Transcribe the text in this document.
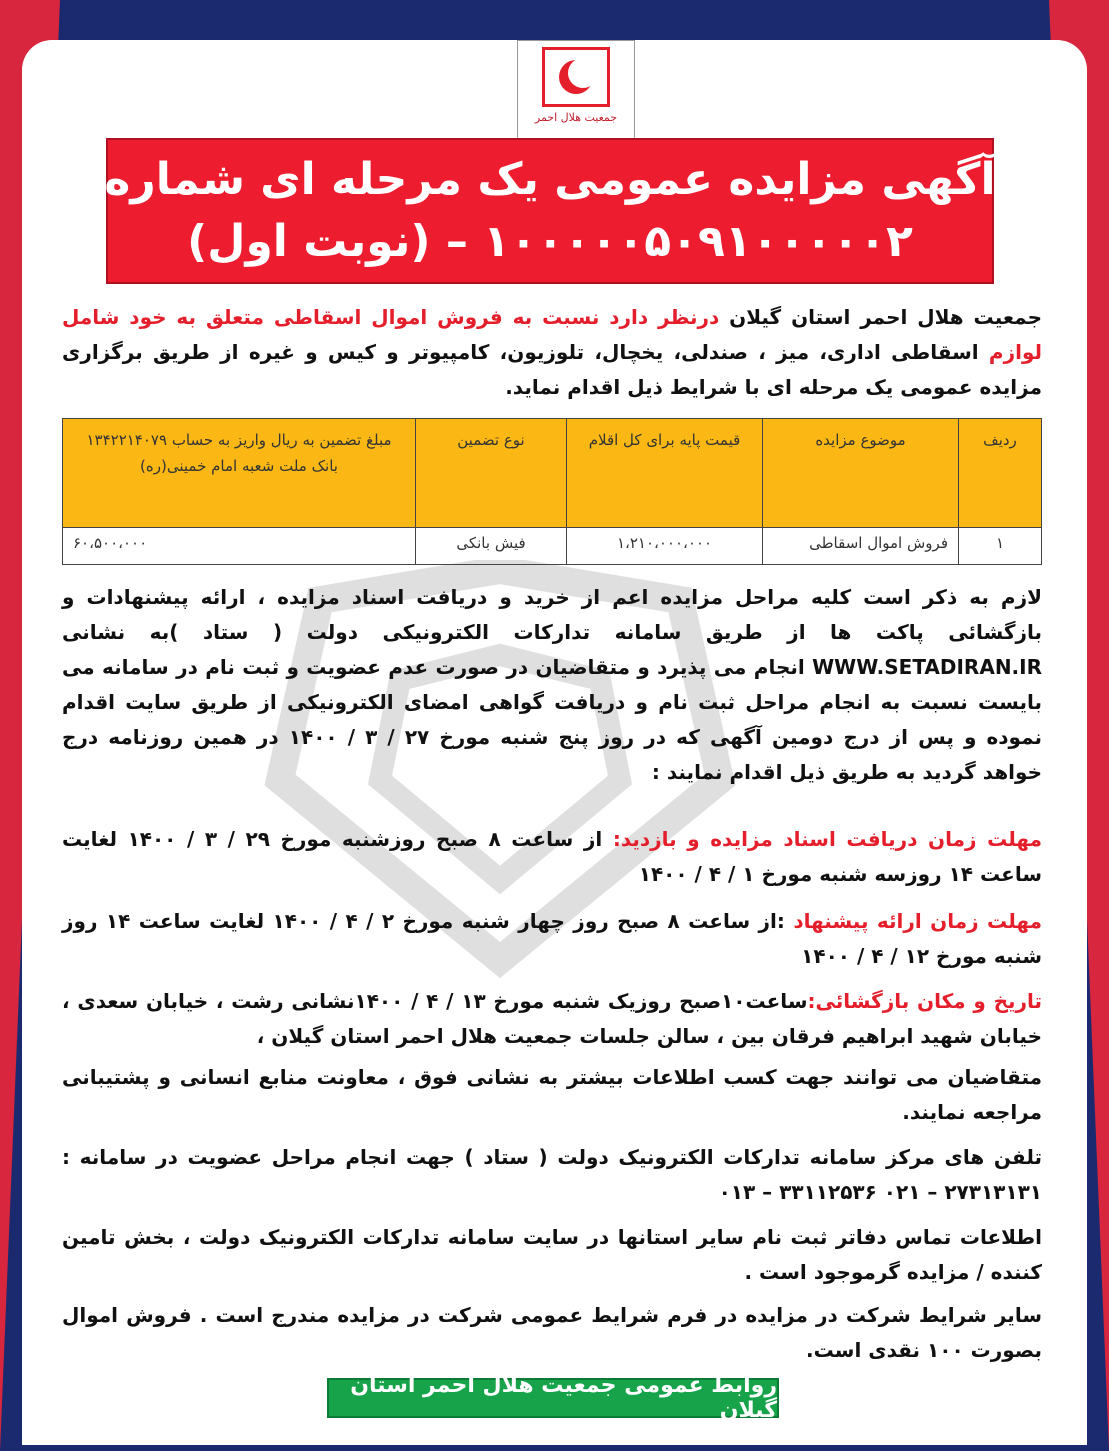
جمعیت هلال احمر
آگهی مزایده عمومی یک مرحله ای شماره
۱۰۰۰۰۰۵۰۹۱۰۰۰۰۰۲ – (نوبت اول)
جمعیت هلال احمر استان گیلان درنظر دارد نسبت به فروش اموال اسقاطی متعلق به خود شامل لوازم اسقاطی اداری، میز ، صندلی، یخچال، تلوزیون، کامپیوتر و کیس و غیره از طریق برگزاری مزایده عمومی یک مرحله ای با شرایط ذیل اقدام نماید.
ردیف	موضوع مزایده	قیمت پایه برای کل اقلام	نوع تضمین	مبلغ تضمین به ریال واریز به حساب ۱۳۴۲۲۱۴۰۷۹ بانک ملت شعبه امام خمینی(ره)
۱	فروش اموال اسقاطی	۱،۲۱۰،۰۰۰،۰۰۰	فیش بانکی	۶۰،۵۰۰،۰۰۰
لازم به ذکر است کلیه مراحل مزایده اعم از خرید و دریافت اسناد مزایده ، ارائه پیشنهادات و بازگشائی پاکت ها از طریق سامانه تدارکات الکترونیکی دولت ( ستاد )به نشانی WWW.SETADIRAN.IR انجام می پذیرد و متقاضیان در صورت عدم عضویت و ثبت نام در سامانه می بایست نسبت به انجام مراحل ثبت نام و دریافت گواهی امضای الکترونیکی از طریق سایت اقدام نموده و پس از درج دومین آگهی که در روز پنج شنبه مورخ ۲۷ / ۳ / ۱۴۰۰ در همین روزنامه درج خواهد گردید به طریق ذیل اقدام نمایند :
مهلت زمان دریافت اسناد مزایده و بازدید: از ساعت ۸ صبح روزشنبه مورخ ۲۹ / ۳ / ۱۴۰۰ لغایت ساعت ۱۴ روزسه شنبه مورخ ۱ / ۴ / ۱۴۰۰
مهلت زمان ارائه پیشنهاد :از ساعت ۸ صبح روز چهار شنبه مورخ ۲ / ۴ / ۱۴۰۰ لغایت ساعت ۱۴ روز شنبه مورخ ۱۲ / ۴ / ۱۴۰۰
تاریخ و مکان بازگشائی:ساعت۱۰صبح روزیک شنبه مورخ ۱۳ / ۴ / ۱۴۰۰نشانی رشت ، خیابان سعدی ، خیابان شهید ابراهیم فرقان بین ، سالن جلسات جمعیت هلال احمر استان گیلان ،
متقاضیان می توانند جهت کسب اطلاعات بیشتر به نشانی فوق ، معاونت منابع انسانی و پشتیبانی مراجعه نمایند.
تلفن های مرکز سامانه تدارکات الکترونیک دولت ( ستاد ) جهت انجام مراحل عضویت در سامانه : ۲۷۳۱۳۱۳۱ – ۰۲۱ ۳۳۱۱۲۵۳۶ – ۰۱۳
اطلاعات تماس دفاتر ثبت نام سایر استانها در سایت سامانه تدارکات الکترونیک دولت ، بخش تامین کننده / مزایده گرموجود است .
سایر شرایط شرکت در مزایده در فرم شرایط عمومی شرکت در مزایده مندرج است . فروش اموال بصورت ۱۰۰ نقدی است.
روابط عمومی جمعیت هلال احمر استان گیلان
